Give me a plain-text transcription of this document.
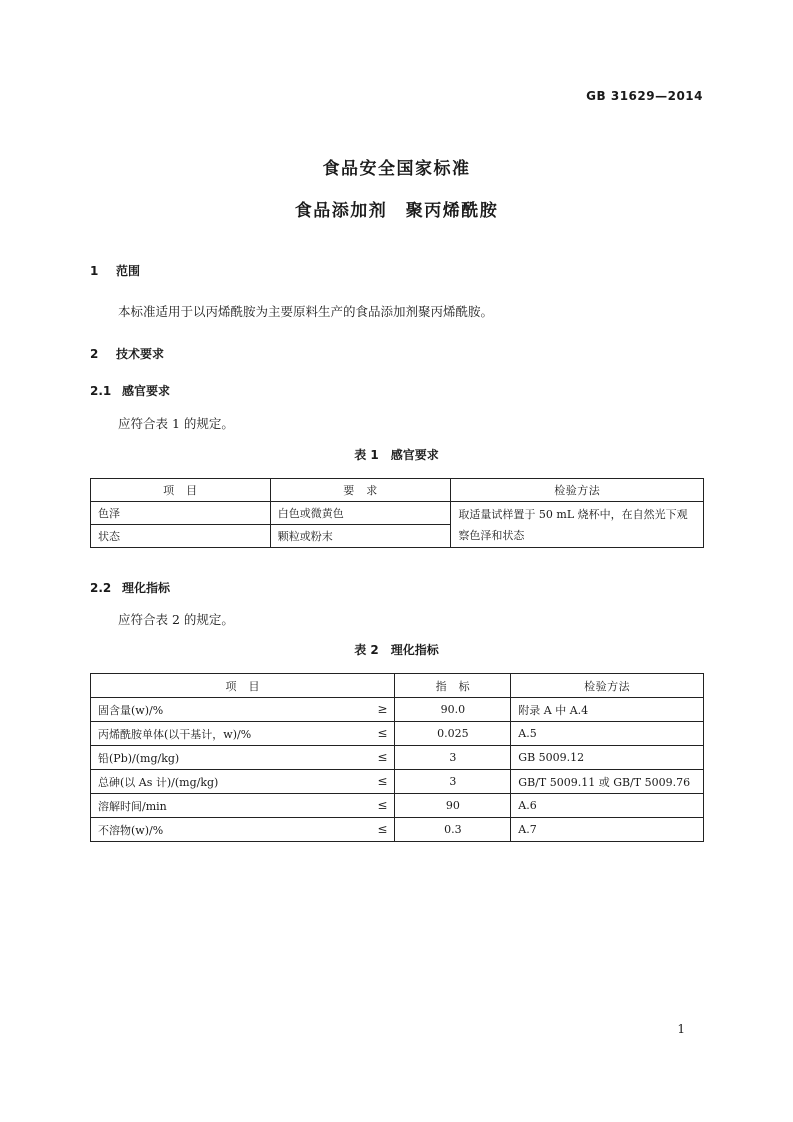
GB 31629—2014
食品安全国家标准
食品添加剂　聚丙烯酰胺
1 范围
本标准适用于以丙烯酰胺为主要原料生产的食品添加剂聚丙烯酰胺。
2 技术要求
2.1 感官要求
应符合表 1 的规定。
表 1　感官要求
项　目	要　求	检验方法
色泽	白色或微黄色	取适量试样置于 50 mL 烧杯中，在自然光下观察色泽和状态
状态	颗粒或粉末	
2.2 理化指标
应符合表 2 的规定。
表 2　理化指标
项　目	指　标	检验方法
固含量(w)/% ≥	90.0	附录 A 中 A.4
丙烯酰胺单体(以干基计，w)/% ≤	0.025	A.5
铅(Pb)/(mg/kg) ≤	3	GB 5009.12
总砷(以 As 计)/(mg/kg) ≤	3	GB/T 5009.11 或 GB/T 5009.76
溶解时间/min ≤	90	A.6
不溶物(w)/% ≤	0.3	A.7
1
